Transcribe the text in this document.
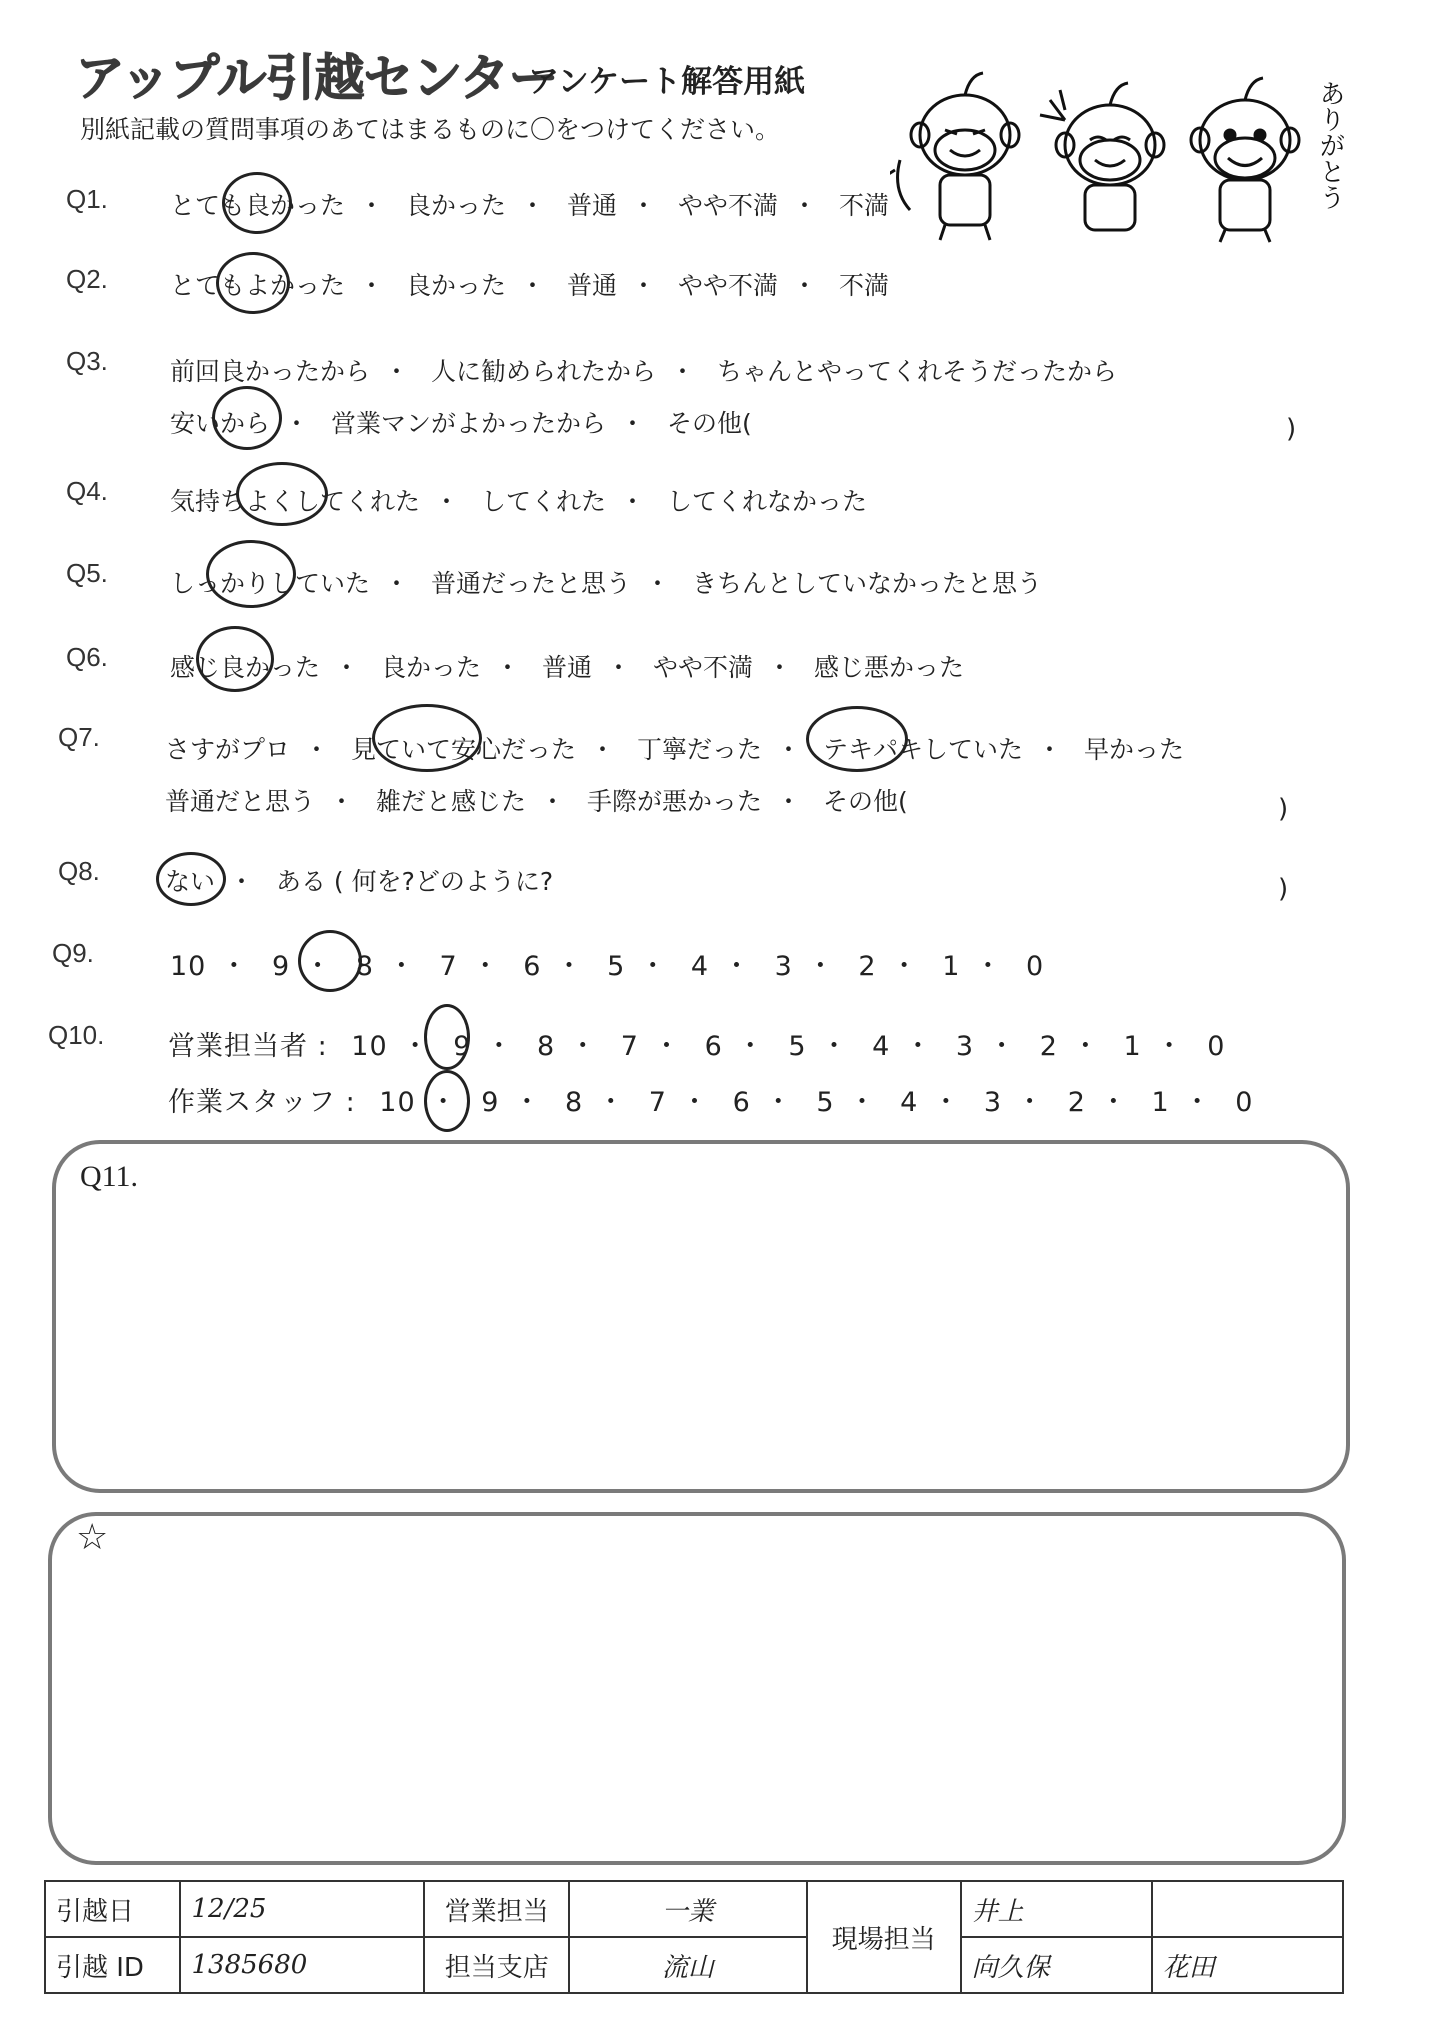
アップル引越センター
アンケート解答用紙
別紙記載の質問事項のあてはまるものに〇をつけてください。	ありがとう
Q1. とても良かった ・ 良かった ・ 普通 ・ やや不満 ・ 不満
Q2. とてもよかった ・ 良かった ・ 普通 ・ やや不満 ・ 不満
Q3. 前回良かったから ・ 人に勧められたから ・ ちゃんとやってくれそうだったから
安いから ・ 営業マンがよかったから ・ その他(	)
Q4. 気持ちよくしてくれた ・ してくれた ・ してくれなかった
Q5. しっかりしていた ・ 普通だったと思う ・ きちんとしていなかったと思う
Q6. 感じ良かった ・ 良かった ・ 普通 ・ やや不満 ・ 感じ悪かった
Q7.	さすがプロ ・ 見ていて安心だった ・ 丁寧だった ・ テキパキしていた ・ 早かった
普通だと思う ・ 雑だと感じた ・ 手際が悪かった ・ その他(	)
Q8.	ない ・ ある ( 何を?どのように?	)
Q9.	10 ・ 9 ・ 8 ・ 7 ・ 6 ・ 5 ・ 4 ・ 3 ・ 2 ・ 1 ・ 0
Q10. 営業担当者 : 10 ・ 9 ・ 8 ・ 7 ・ 6 ・ 5 ・ 4 ・ 3 ・ 2 ・ 1 ・ 0
作業スタッフ : 10 ・ 9 ・ 8 ・ 7 ・ 6 ・ 5 ・ 4 ・ 3 ・ 2 ・ 1 ・ 0
Q11.
☆
引越日	12/25	営業担当	一業	現場担当	井上	
引越 ID	1385680	担当支店	流山		向久保	花田
